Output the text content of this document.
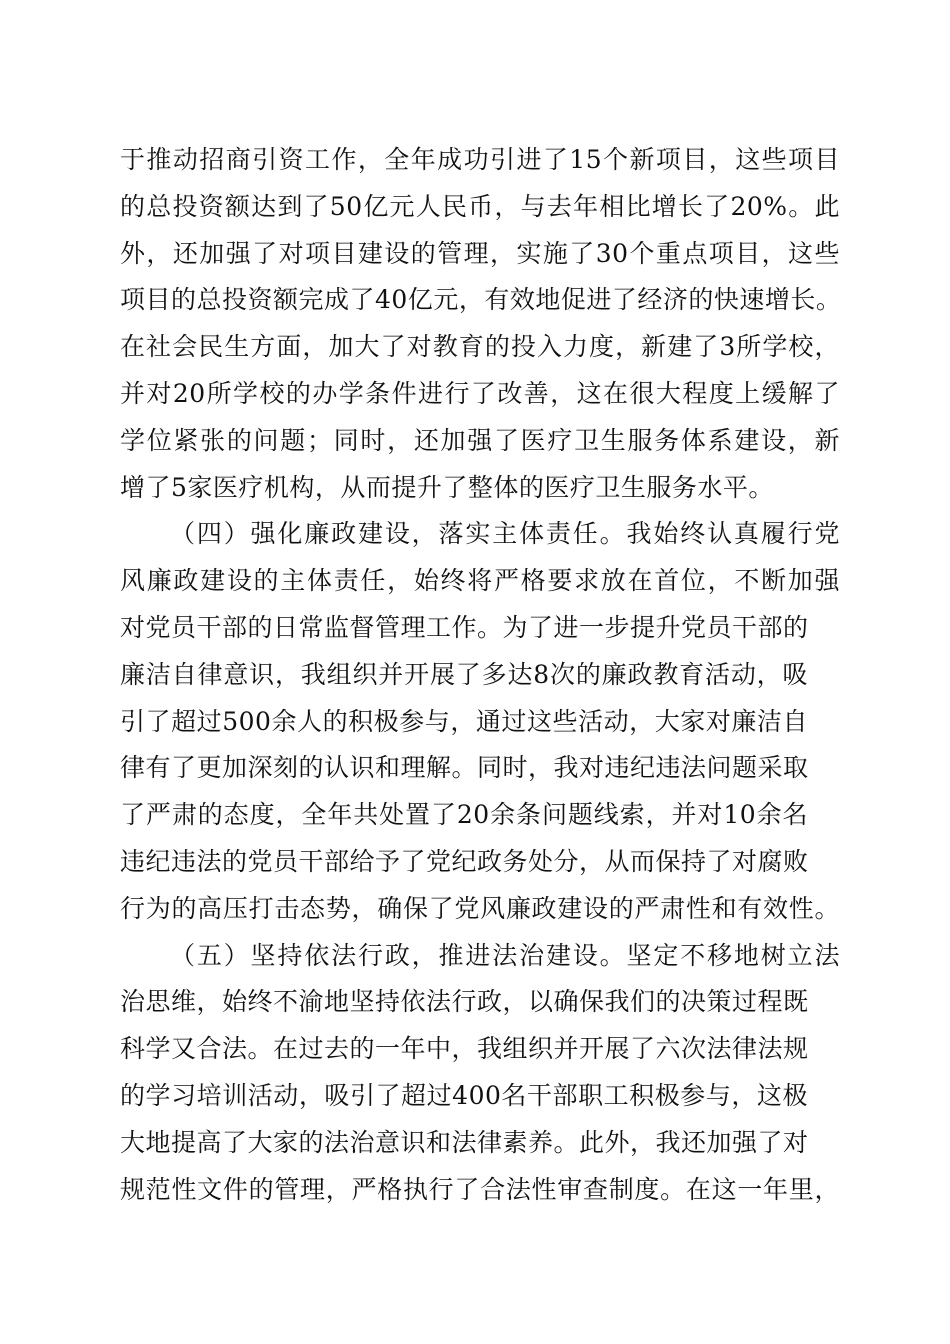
于推动招商引资工作，全年成功引进了15个新项目，这些项目
的总投资额达到了50亿元人民币，与去年相比增长了20%。此
外，还加强了对项目建设的管理，实施了30个重点项目，这些
项目的总投资额完成了40亿元，有效地促进了经济的快速增长。
在社会民生方面，加大了对教育的投入力度，新建了3所学校，
并对20所学校的办学条件进行了改善，这在很大程度上缓解了
学位紧张的问题；同时，还加强了医疗卫生服务体系建设，新
增了5家医疗机构，从而提升了整体的医疗卫生服务水平。
（四）强化廉政建设，落实主体责任。我始终认真履行党
风廉政建设的主体责任，始终将严格要求放在首位，不断加强
对党员干部的日常监督管理工作。为了进一步提升党员干部的
廉洁自律意识，我组织并开展了多达8次的廉政教育活动，吸
引了超过500余人的积极参与，通过这些活动，大家对廉洁自
律有了更加深刻的认识和理解。同时，我对违纪违法问题采取
了严肃的态度，全年共处置了20余条问题线索，并对10余名
违纪违法的党员干部给予了党纪政务处分，从而保持了对腐败
行为的高压打击态势，确保了党风廉政建设的严肃性和有效性。
（五）坚持依法行政，推进法治建设。坚定不移地树立法
治思维，始终不渝地坚持依法行政，以确保我们的决策过程既
科学又合法。在过去的一年中，我组织并开展了六次法律法规
的学习培训活动，吸引了超过400名干部职工积极参与，这极
大地提高了大家的法治意识和法律素养。此外，我还加强了对
规范性文件的管理，严格执行了合法性审查制度。在这一年里，
